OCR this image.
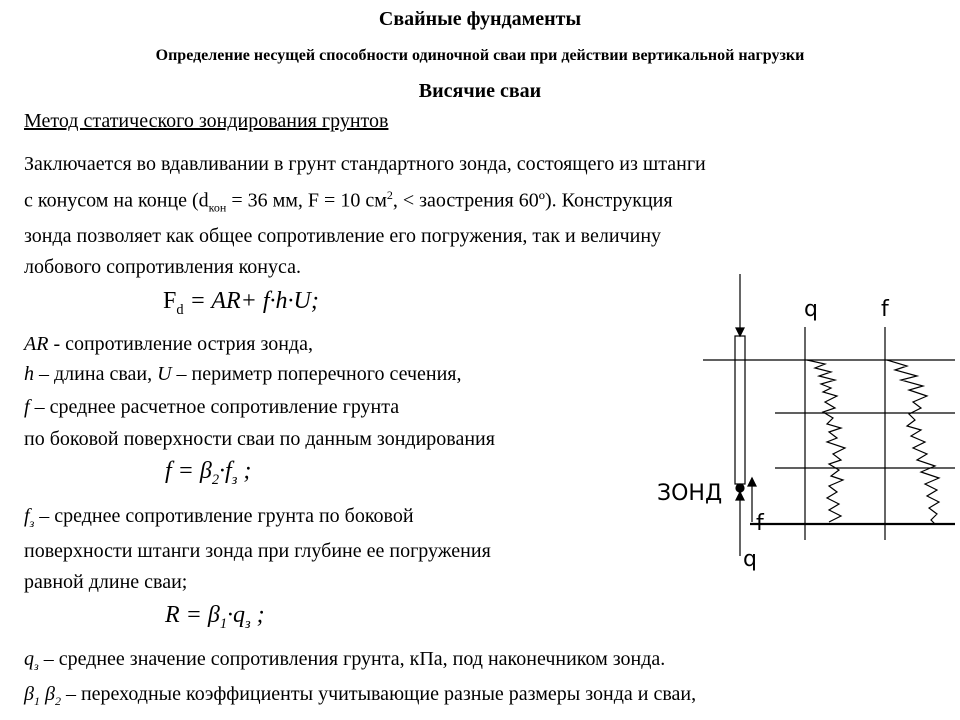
Свайные фундаменты
Определение несущей способности одиночной сваи при действии вертикальной нагрузки
Висячие сваи
Метод статического зондирования грунтов
Заключается во вдавливании в грунт стандартного зонда, состоящего из штанги
с конусом на конце ($d_{кон} = 36$ мм, F = 10 $см^2$, < заострения 60º). Конструкция
зонда позволяет как общее сопротивление его погружения, так и величину
лобового сопротивления конуса.
$F_d = AR+ f\cdot h\cdot U$;
AR - сопротивление острия зонда,
h – длина сваи, U – периметр поперечного сечения,
f – среднее расчетное сопротивление грунта
по боковой поверхности сваи по данным зондирования
$f = \beta_2\cdot f_з$ ;
$f_з$ – среднее сопротивление грунта по боковой
поверхности штанги зонда при глубине ее погружения
равной длине сваи;
$R = \beta_1\cdot q_з$ ;
$q_з$ – среднее значение сопротивления грунта, кПа, под наконечником зонда.
$\beta_1$ $\beta_2$ – переходные коэффициенты учитывающие разные размеры зонда и сваи,
q	f
ЗОНД
f
q
